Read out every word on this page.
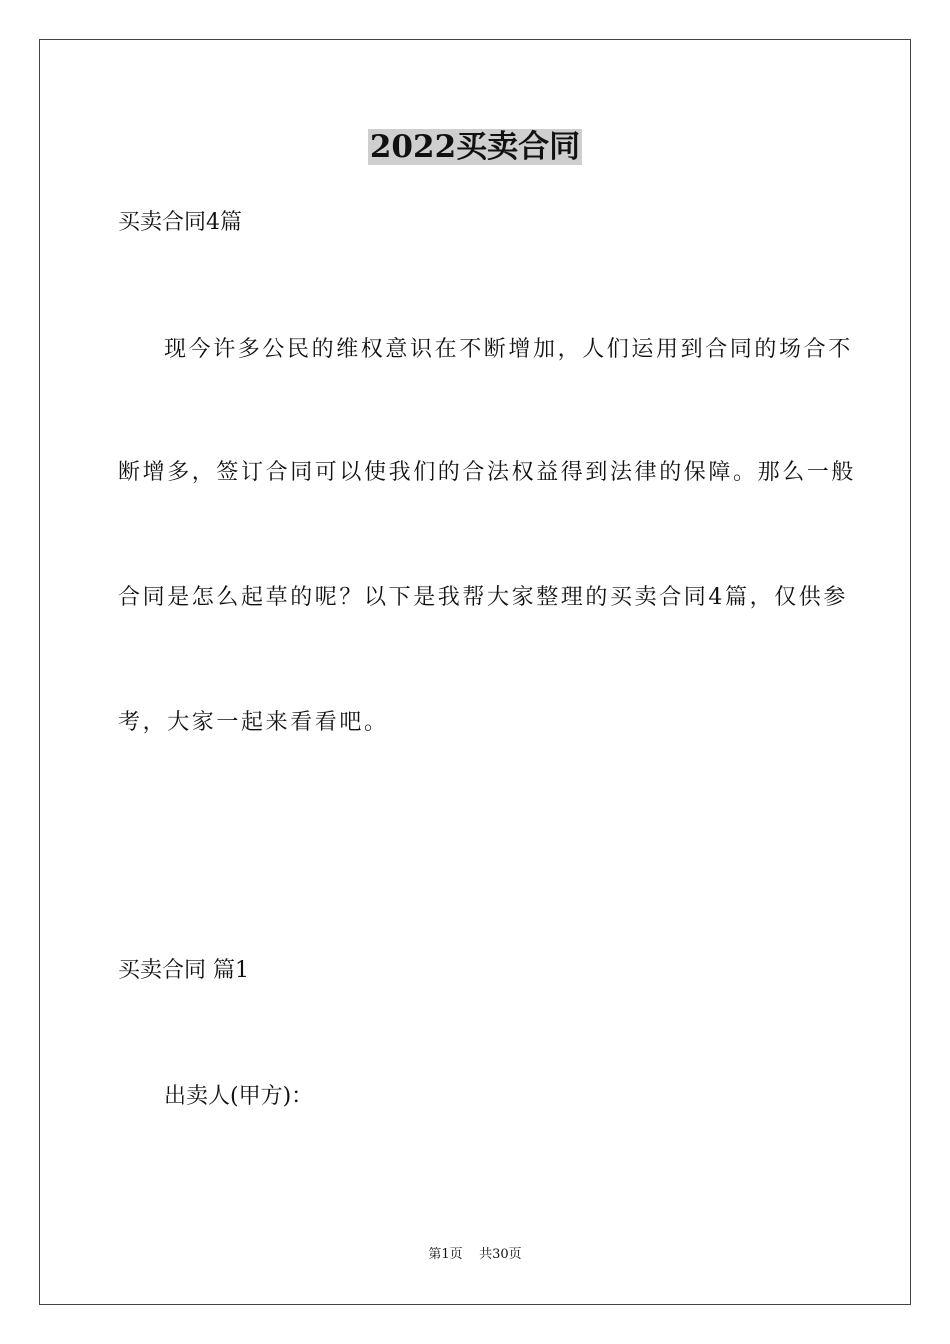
2022买卖合同
买卖合同4篇
现今许多公民的维权意识在不断增加，人们运用到合同的场合不
断增多，签订合同可以使我们的合法权益得到法律的保障。那么一般
合同是怎么起草的呢？以下是我帮大家整理的买卖合同4篇，仅供参
考，大家一起来看看吧。
买卖合同 篇1
出卖人(甲方)：
第1页    共30页
